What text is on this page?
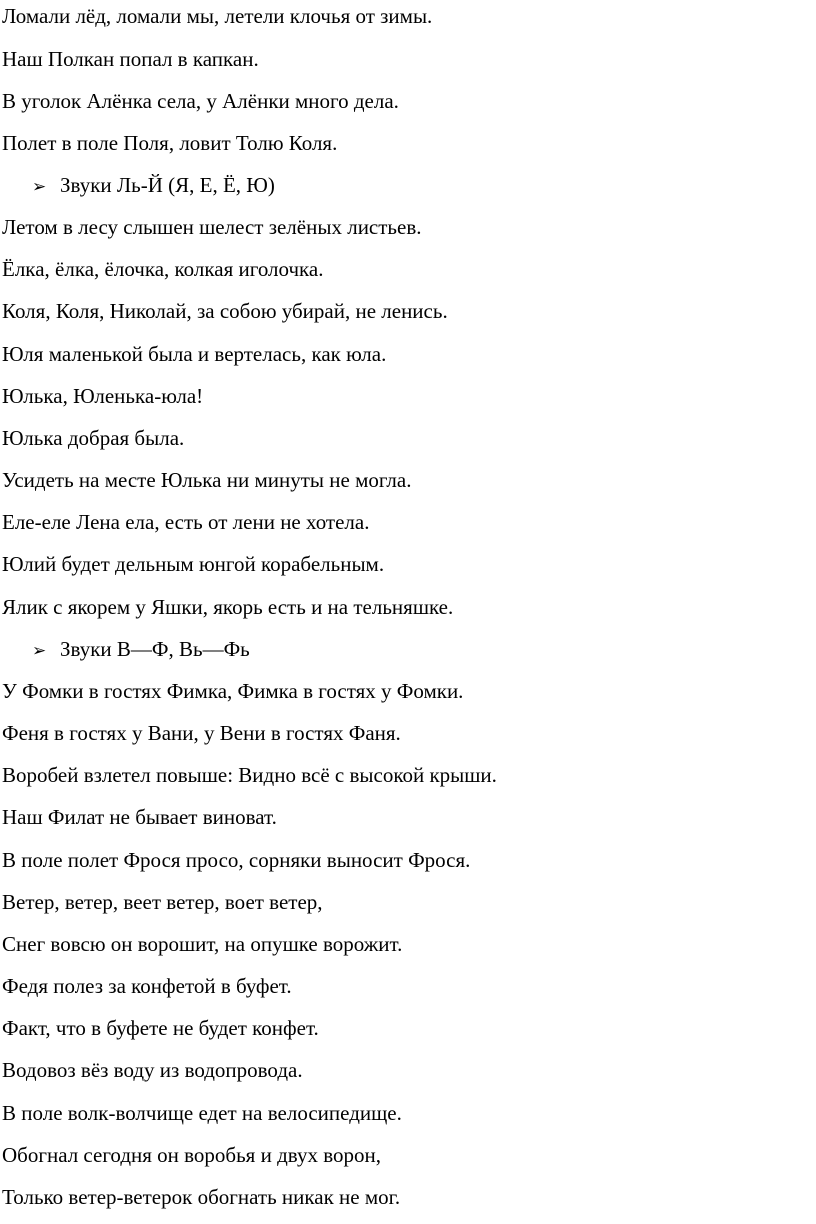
Ломали лёд, ломали мы, летели клочья от зимы.
Наш Полкан попал в капкан.
В уголок Алёнка села, у Алёнки много дела.
Полет в поле Поля, ловит Толю Коля.
➢ Звуки Ль-Й (Я, Е, Ё, Ю)
Летом в лесу слышен шелест зелёных листьев.
Ёлка, ёлка, ёлочка, колкая иголочка.
Коля, Коля, Николай, за собою убирай, не ленись.
Юля маленькой была и вертелась, как юла.
Юлька, Юленька-юла!
Юлька добрая была.
Усидеть на месте Юлька ни минуты не могла.
Еле-еле Лена ела, есть от лени не хотела.
Юлий будет дельным юнгой корабельным.
Ялик с якорем у Яшки, якорь есть и на тельняшке.
➢ Звуки В—Ф, Вь—Фь
У Фомки в гостях Фимка, Фимка в гостях у Фомки.
Феня в гостях у Вани, у Вени в гостях Фаня.
Воробей взлетел повыше: Видно всё с высокой крыши.
Наш Филат не бывает виноват.
В поле полет Фрося просо, сорняки выносит Фрося.
Ветер, ветер, веет ветер, воет ветер,
Снег вовсю он ворошит, на опушке ворожит.
Федя полез за конфетой в буфет.
Факт, что в буфете не будет конфет.
Водовоз вёз воду из водопровода.
В поле волк-волчище едет на велосипедище.
Обогнал сегодня он воробья и двух ворон,
Только ветер-ветерок обогнать никак не мог.
